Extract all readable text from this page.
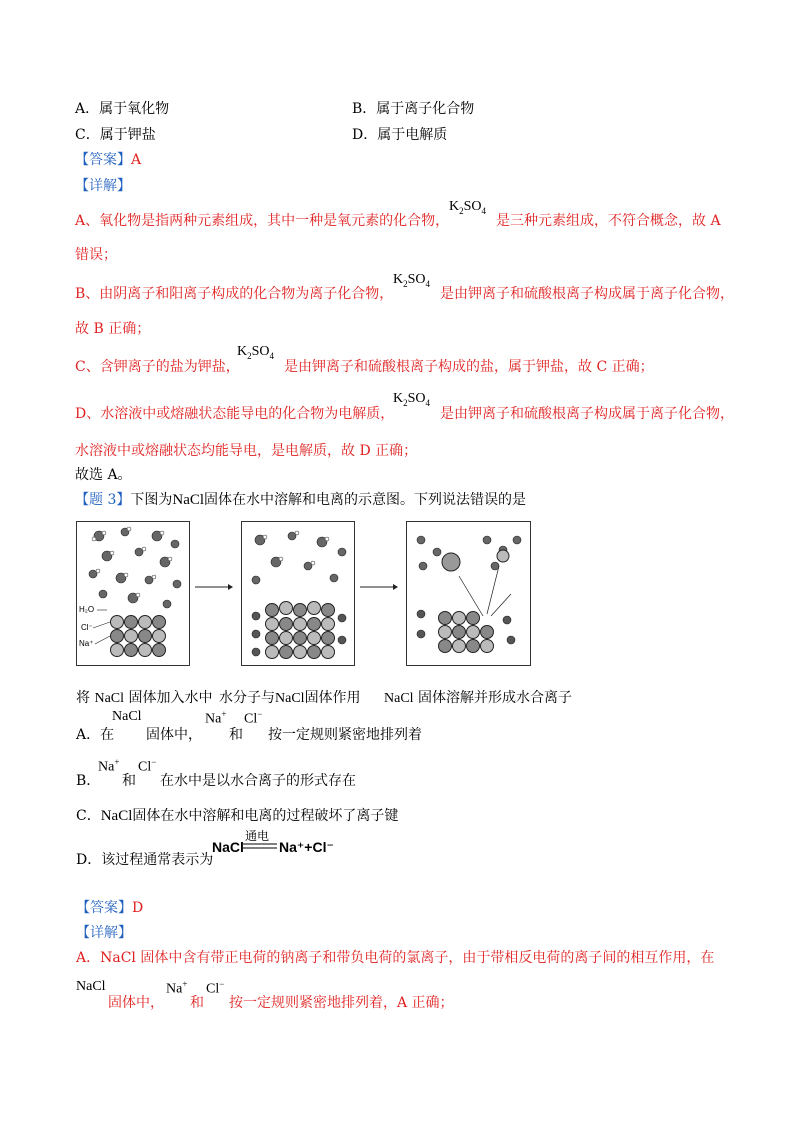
A．属于氧化物	B．属于离子化合物
C．属于钾盐	D．属于电解质
【答案】A
【详解】
A、氧化物是指两种元素组成，其中一种是氧元素的化合物，
$K_2SO_4$
是三种元素组成，不符合概念，故 A
错误；
B、由阴离子和阳离子构成的化合物为离子化合物，
$K_2SO_4$
是由钾离子和硫酸根离子构成属于离子化合物，
故 B 正确；
C、含钾离子的盐为钾盐，
$K_2SO_4$
是由钾离子和硫酸根离子构成的盐，属于钾盐，故 C 正确；
D、水溶液中或熔融状态能导电的化合物为电解质，
$K_2SO_4$
是由钾离子和硫酸根离子构成属于离子化合物，
水溶液中或熔融状态均能导电，是电解质，故 D 正确；
故选 A。
【题 3】下图为NaCl固体在水中溶解和电离的示意图。下列说法错误的是
H₂O
Cl⁻
Na⁺
将 NaCl 固体加入水中 水分子与NaCl固体作用 NaCl 固体溶解并形成水合离子
A．在
NaCl
固体中，
Na+
和
Cl−
按一定规则紧密地排列着
B．
Na+
和
Cl−
在水中是以水合离子的形式存在
C．NaCl固体在水中溶解和电离的过程破坏了离子键
D．该过程通常表示为
NaCl
通电
Na⁺+Cl⁻
【答案】D
【详解】
A．NaCl 固体中含有带正电荷的钠离子和带负电荷的氯离子，由于带相反电荷的离子间的相互作用，在
NaCl
固体中，
Na+
和
Cl−
按一定规则紧密地排列着，A 正确；
